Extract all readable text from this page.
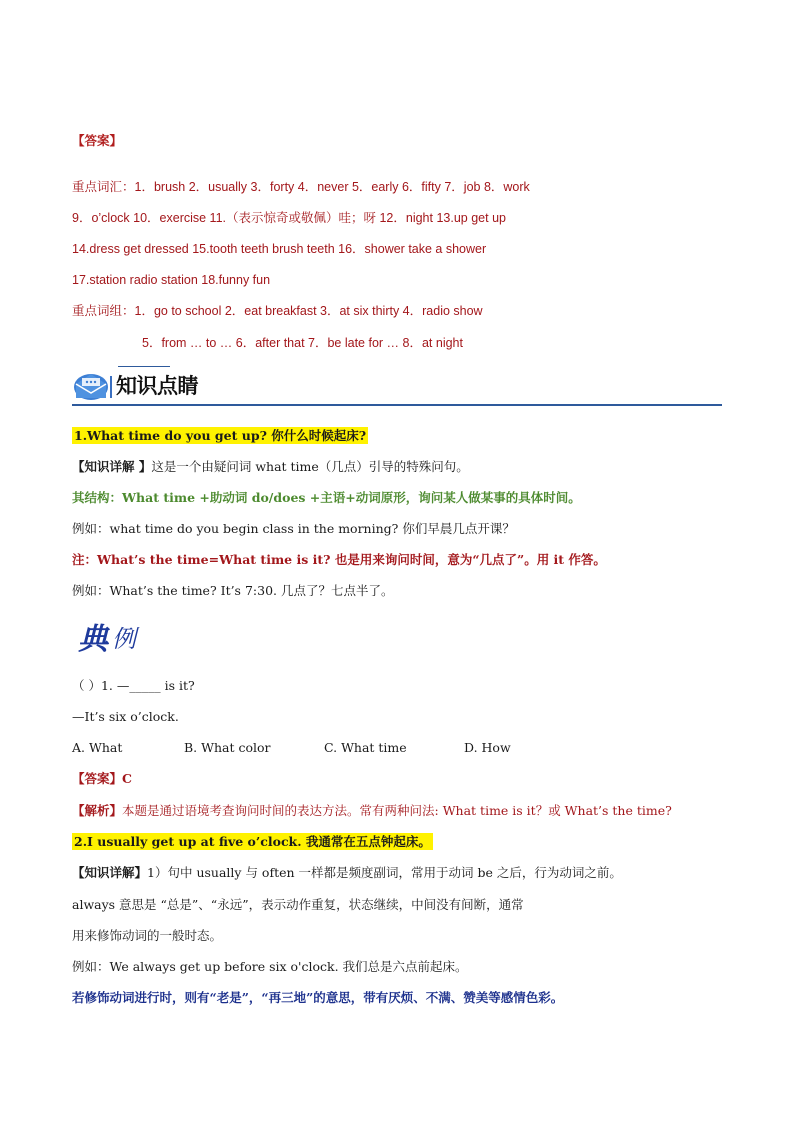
【答案】
重点词汇：1．brush 2．usually 3．forty 4．never 5．early 6．fifty 7．job 8．work
9．o’clock 10．exercise 11.（表示惊奇或敬佩）哇；呀 12．night 13.up get up
14.dress get dressed 15.tooth teeth brush teeth 16．shower take a shower
17.station radio station 18.funny fun
重点词组：1．go to school 2．eat breakfast 3．at six thirty 4．radio show
5．from … to … 6．after that 7．be late for … 8．at night
知识点睛
1.What time do you get up? 你什么时候起床?
【知识详解 】这是一个由疑问词 what time（几点）引导的特殊问句。
其结构：What time +助动词 do/does +主语+动词原形，询问某人做某事的具体时间。
例如：what time do you begin class in the morning? 你们早晨几点开课？
注：What’s the time=What time is it? 也是用来询问时间，意为“几点了”。用 it 作答。
例如：What’s the time? It’s 7:30. 几点了？七点半了。
典 例
（ ）1. —_____ is it?
—It’s six o’clock.
A. What	B. What color	C. What time	D. How
【答案】C
【解析】本题是通过语境考查询问时间的表达方法。常有两种问法: What time is it？或 What’s the time?
2.I usually get up at five o’clock. 我通常在五点钟起床。
【知识详解】1）句中 usually 与 often 一样都是频度副词，常用于动词 be 之后，行为动词之前。
always 意思是 “总是”、“永远”，表示动作重复，状态继续，中间没有间断，通常
用来修饰动词的一般时态。
例如：We always get up before six o'clock. 我们总是六点前起床。
若修饰动词进行时，则有“老是”，“再三地”的意思，带有厌烦、不满、赞美等感情色彩。
